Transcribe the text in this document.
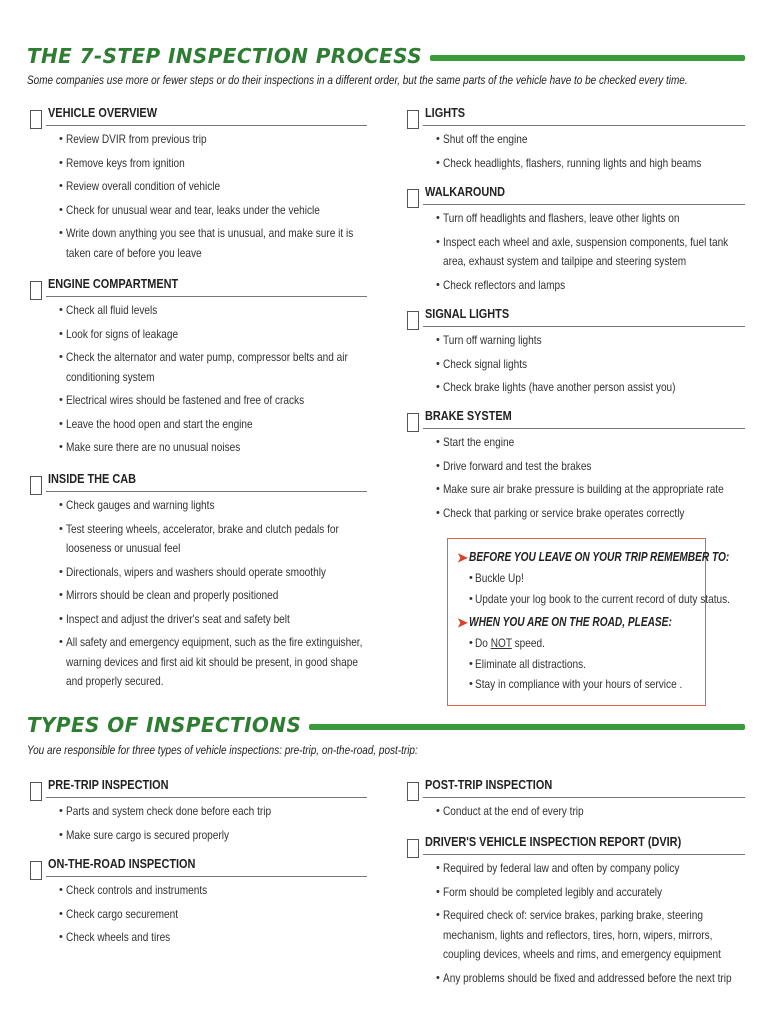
THE 7-STEP INSPECTION PROCESS
Some companies use more or fewer steps or do their inspections in a different order, but the same parts of the vehicle have to be checked every time.
VEHICLE OVERVIEW
• Review DVIR from previous trip
• Remove keys from ignition
• Review overall condition of vehicle
• Check for unusual wear and tear, leaks under the vehicle
• Write down anything you see that is unusual, and make sure it is taken care of before you leave
ENGINE COMPARTMENT
• Check all fluid levels
• Look for signs of leakage
• Check the alternator and water pump, compressor belts and air conditioning system
• Electrical wires should be fastened and free of cracks
• Leave the hood open and start the engine
• Make sure there are no unusual noises
INSIDE THE CAB
• Check gauges and warning lights
• Test steering wheels, accelerator, brake and clutch pedals for looseness or unusual feel
• Directionals, wipers and washers should operate smoothly
• Mirrors should be clean and properly positioned
• Inspect and adjust the driver's seat and safety belt
• All safety and emergency equipment, such as the fire extinguisher, warning devices and first aid kit should be present, in good shape and properly secured.
LIGHTS
• Shut off the engine
• Check headlights, flashers, running lights and high beams
WALKAROUND
• Turn off headlights and flashers, leave other lights on
• Inspect each wheel and axle, suspension components, fuel tank area, exhaust system and tailpipe and steering system
• Check reflectors and lamps
SIGNAL LIGHTS
• Turn off warning lights
• Check signal lights
• Check brake lights (have another person assist you)
BRAKE SYSTEM
• Start the engine
• Drive forward and test the brakes
• Make sure air brake pressure is building at the appropriate rate
• Check that parking or service brake operates correctly
➤ BEFORE YOU LEAVE ON YOUR TRIP REMEMBER TO:
• Buckle Up!
• Update your log book to the current record of duty status.
➤ WHEN YOU ARE ON THE ROAD, PLEASE:
• Do NOT speed.
• Eliminate all distractions.
• Stay in compliance with your hours of service .
TYPES OF INSPECTIONS
You are responsible for three types of vehicle inspections: pre-trip, on-the-road, post-trip:
PRE-TRIP INSPECTION
• Parts and system check done before each trip
• Make sure cargo is secured properly
ON-THE-ROAD INSPECTION
• Check controls and instruments
• Check cargo securement
• Check wheels and tires
POST-TRIP INSPECTION
• Conduct at the end of every trip
DRIVER'S VEHICLE INSPECTION REPORT (DVIR)
• Required by federal law and often by company policy
• Form should be completed legibly and accurately
• Required check of: service brakes, parking brake, steering mechanism, lights and reflectors, tires, horn, wipers, mirrors, coupling devices, wheels and rims, and emergency equipment
• Any problems should be fixed and addressed before the next trip
